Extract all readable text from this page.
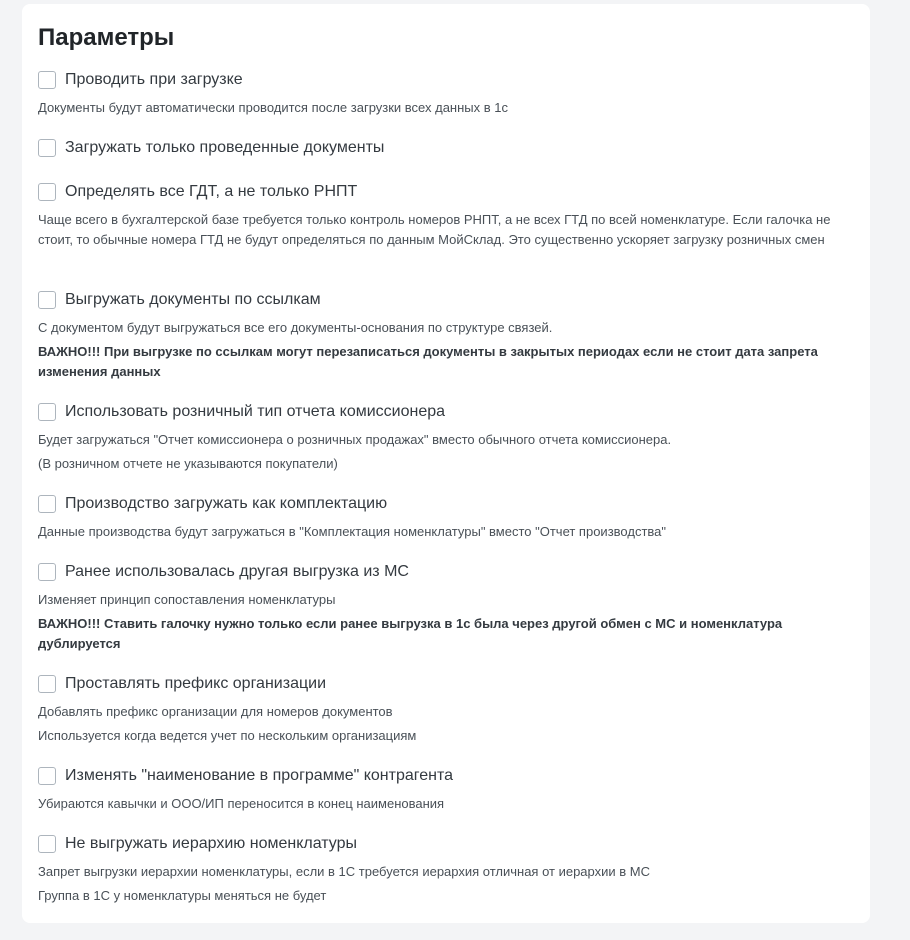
Параметры
Проводить при загрузке

Документы будут автоматически проводится после загрузки всех данных в 1с

Загружать только проведенные документы
Определять все ГДТ, а не только РНПТ

Чаще всего в бухгалтерской базе требуется только контроль номеров РНПТ, а не всех ГТД по всей номенклатуре. Если галочка не стоит, то обычные номера ГТД не будут определяться по данным МойСклад. Это существенно ускоряет загрузку розничных смен

Выгружать документы по ссылкам

С документом будут выгружаться все его документы-основания по структуре связей.

ВАЖНО!!! При выгрузке по ссылкам могут перезаписаться документы в закрытых периодах если не стоит дата запрета изменения данных

Использовать розничный тип отчета комиссионера

Будет загружаться "Отчет комиссионера о розничных продажах" вместо обычного отчета комиссионера.

(В розничном отчете не указываются покупатели)

Производство загружать как комплектацию

Данные производства будут загружаться в "Комплектация номенклатуры" вместо "Отчет производства"

Ранее использовалась другая выгрузка из МС

Изменяет принцип сопоставления номенклатуры

ВАЖНО!!! Ставить галочку нужно только если ранее выгрузка в 1с была через другой обмен с МС и номенклатура дублируется

Проставлять префикс организации

Добавлять префикс организации для номеров документов

Используется когда ведется учет по нескольким организациям

Изменять "наименование в программе" контрагента

Убираются кавычки и ООО/ИП переносится в конец наименования

Не выгружать иерархию номенклатуры

Запрет выгрузки иерархии номенклатуры, если в 1С требуется иерархия отличная от иерархии в МС

Группа в 1С у номенклатуры меняться не будет
